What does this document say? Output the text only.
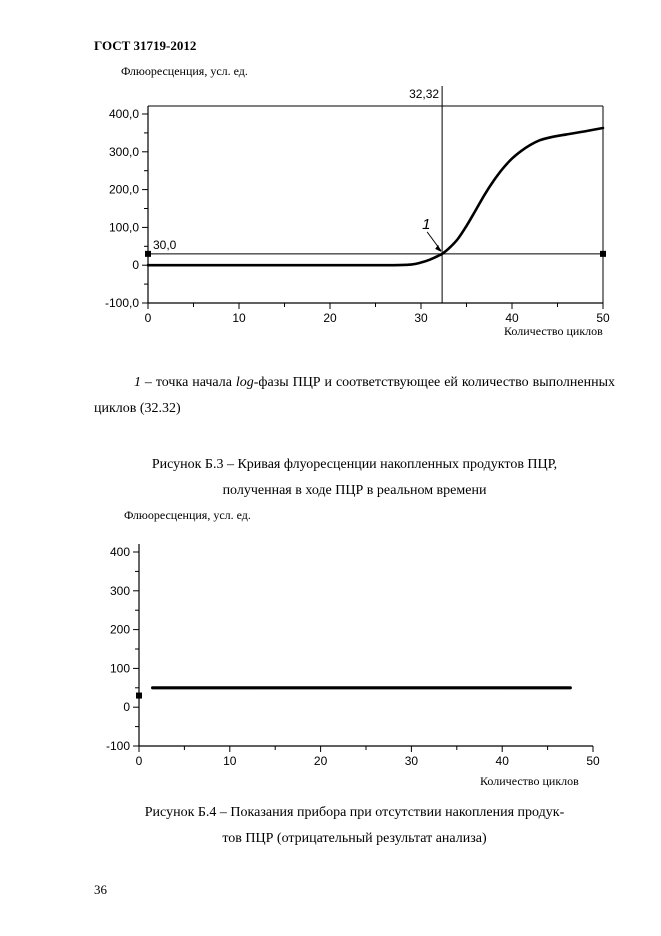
ГОСТ 31719-2012
Флюоресценция, усл. ед.
-100,0
0
100,0
200,0
300,0
400,0
0	10	20	30	40	50
30,0
32,32
1
Количество циклов
1 – точка начала log-фазы ПЦР и соответствующее ей количество выполненных циклов (32.32)
Рисунок Б.3 – Кривая флуоресценции накопленных продуктов ПЦР,
полученная в ходе ПЦР в реальном времени
Флюоресценция, усл. ед.
-100
0
100
200
300
400
0	10	20	30	40	50
Количество циклов
Рисунок Б.4 – Показания прибора при отсутствии накопления продук-
тов ПЦР (отрицательный результат анализа)
36
